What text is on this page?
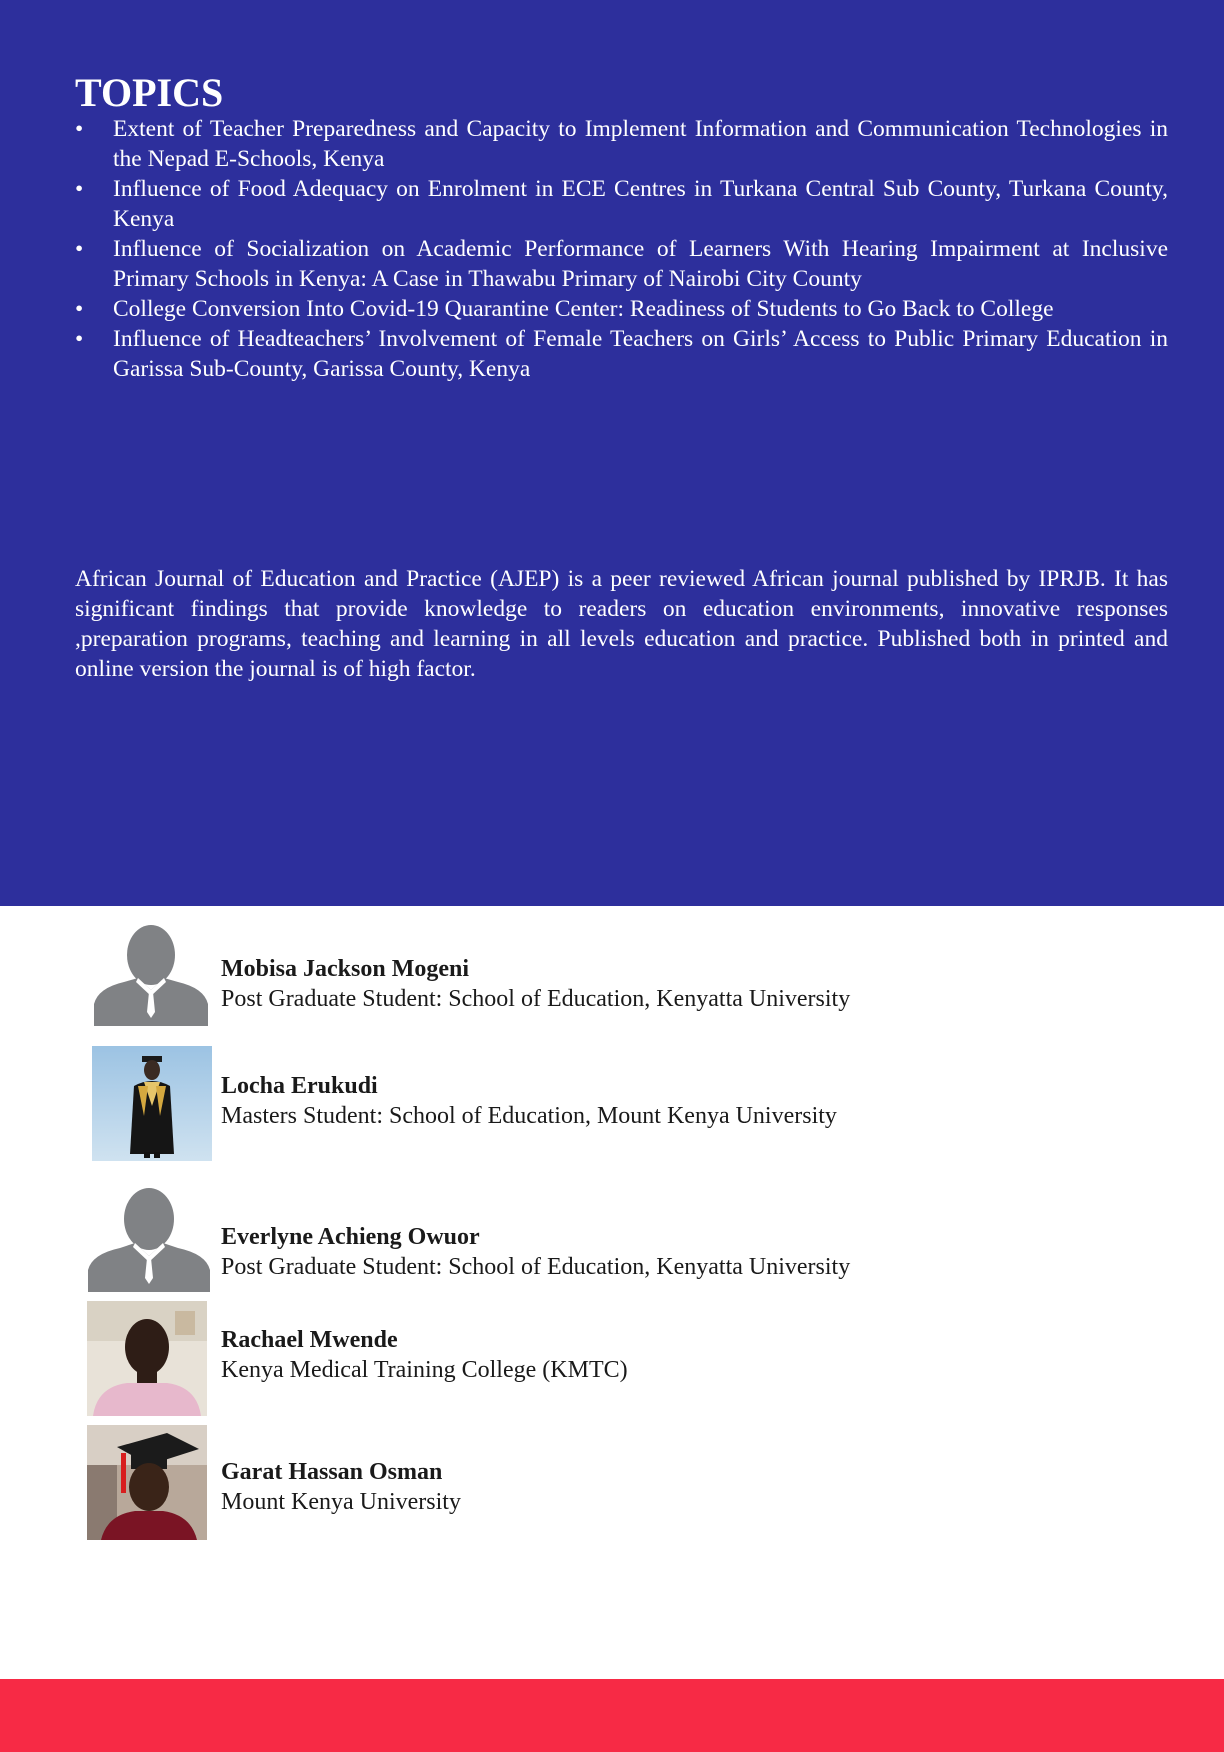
TOPICS
•	Extent of Teacher Preparedness and Capacity to Implement Information and Communication Technologies in the Nepad E-Schools, Kenya
•	Influence of Food Adequacy on Enrolment in ECE Centres in Turkana Central Sub County, Turkana County, Kenya
•	Influence of Socialization on Academic Performance of Learners With Hearing Impairment at Inclusive Primary Schools in Kenya: A Case in Thawabu Primary of Nairobi City County
•	College Conversion Into Covid-19 Quarantine Center: Readiness of Students to Go Back to College
•	Influence of Headteachers’ Involvement of Female Teachers on Girls’ Access to Public Primary Education in Garissa Sub-County, Garissa County, Kenya

African Journal of Education and Practice (AJEP) is a peer reviewed African journal published by IPRJB. It has significant findings that provide knowledge to readers on education environments, innovative responses ,preparation programs, teaching and learning in all levels education and practice. Published both in printed and online version the journal is of high factor.

Mobisa Jackson Mogeni
Post Graduate Student: School of Education, Kenyatta University
Locha Erukudi
Masters Student: School of Education, Mount Kenya University
Everlyne Achieng Owuor
Post Graduate Student: School of Education, Kenyatta University
Rachael Mwende
Kenya Medical Training College (KMTC)
Garat Hassan Osman
Mount Kenya University
